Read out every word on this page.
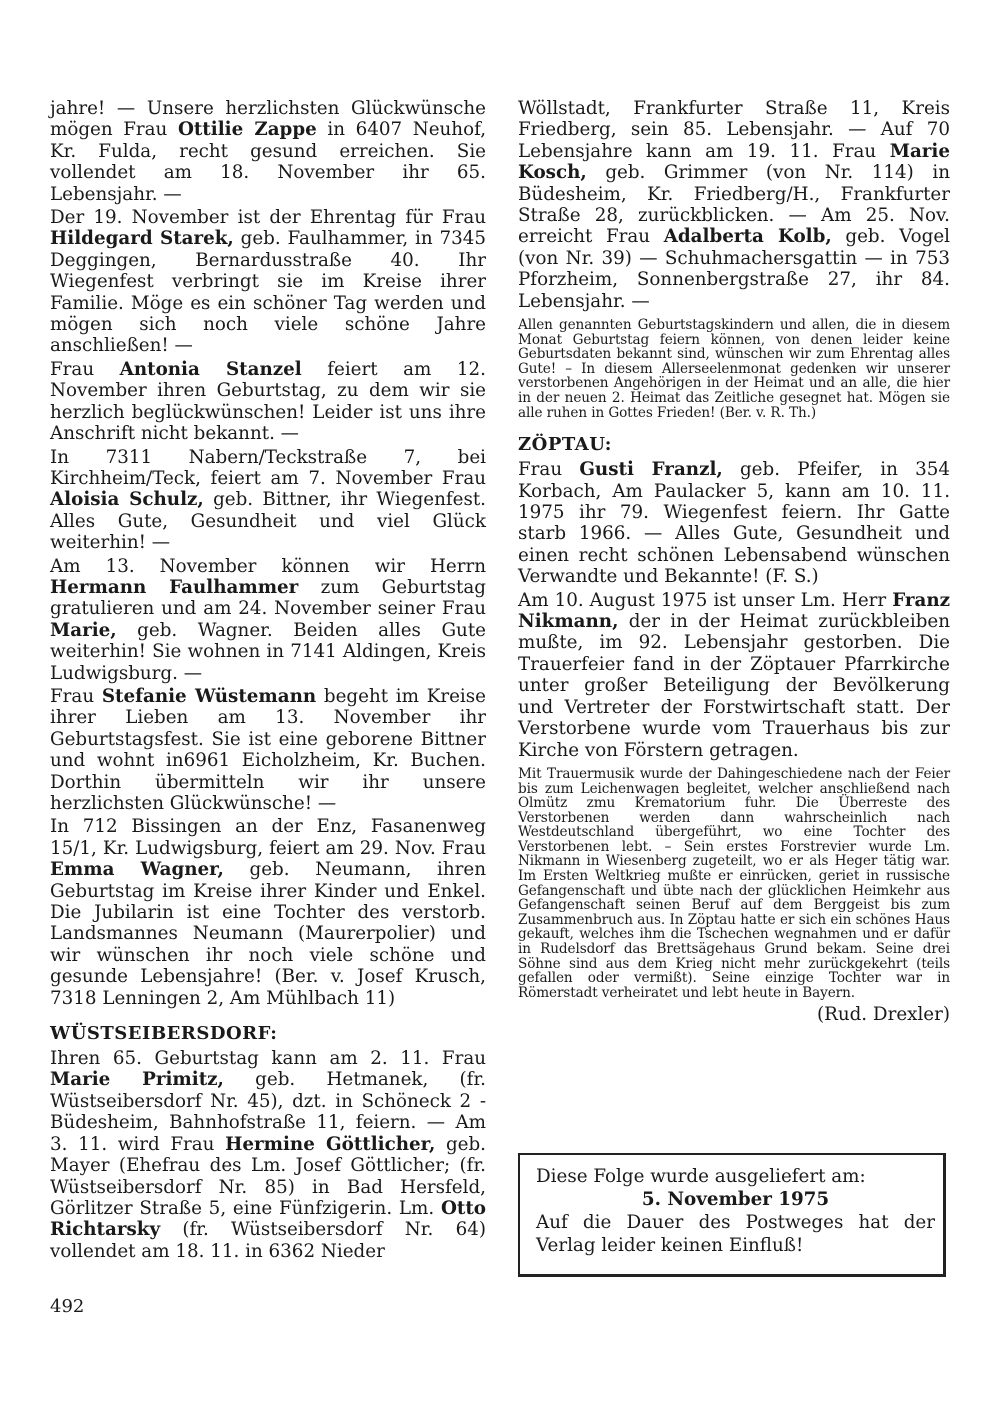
jahre! — Unsere herzlichsten Glückwünsche mögen Frau Ottilie Zappe in 6407 Neuhof, Kr. Fulda, recht gesund erreichen. Sie vollendet am 18. November ihr 65. Lebensjahr. —

Der 19. November ist der Ehrentag für Frau Hildegard Starek, geb. Faulhammer, in 7345 Deggingen, Bernardusstraße 40. Ihr Wiegenfest verbringt sie im Kreise ihrer Familie. Möge es ein schöner Tag werden und mögen sich noch viele schöne Jahre anschließen! —

Frau Antonia Stanzel feiert am 12. November ihren Geburtstag, zu dem wir sie herzlich beglückwünschen! Leider ist uns ihre Anschrift nicht bekannt. —

In 7311 Nabern/Teckstraße 7, bei Kirchheim/Teck, feiert am 7. November Frau Aloisia Schulz, geb. Bittner, ihr Wiegenfest. Alles Gute, Gesundheit und viel Glück weiterhin! —

Am 13. November können wir Herrn Hermann Faulhammer zum Geburtstag gratulieren und am 24. November seiner Frau Marie, geb. Wagner. Beiden alles Gute weiterhin! Sie wohnen in 7141 Aldingen, Kreis Ludwigsburg. —

Frau Stefanie Wüstemann begeht im Kreise ihrer Lieben am 13. November ihr Geburtstagsfest. Sie ist eine geborene Bittner und wohnt in6961 Eicholzheim, Kr. Buchen. Dorthin übermitteln wir ihr unsere herzlichsten Glückwünsche! —

In 712 Bissingen an der Enz, Fasanenweg 15/1, Kr. Ludwigsburg, feiert am 29. Nov. Frau Emma Wagner, geb. Neumann, ihren Geburtstag im Kreise ihrer Kinder und Enkel. Die Jubilarin ist eine Tochter des verstorb. Landsmannes Neumann (Maurerpolier) und wir wünschen ihr noch viele schöne und gesunde Lebensjahre! (Ber. v. Josef Krusch, 7318 Lenningen 2, Am Mühlbach 11)

WÜSTSEIBERSDORF:

Ihren 65. Geburtstag kann am 2. 11. Frau Marie Primitz, geb. Hetmanek, (fr. Wüstseibersdorf Nr. 45), dzt. in Schöneck 2 - Büdesheim, Bahnhofstraße 11, feiern. — Am 3. 11. wird Frau Hermine Göttlicher, geb. Mayer (Ehefrau des Lm. Josef Göttlicher; (fr. Wüstseibersdorf Nr. 85) in Bad Hersfeld, Görlitzer Straße 5, eine Fünfzigerin. Lm. Otto Richtarsky (fr. Wüstseibersdorf Nr. 64) vollendet am 18. 11. in 6362 Nieder

Wöllstadt, Frankfurter Straße 11, Kreis Friedberg, sein 85. Lebensjahr. — Auf 70 Lebensjahre kann am 19. 11. Frau Marie Kosch, geb. Grimmer (von Nr. 114) in Büdesheim, Kr. Friedberg/H., Frankfurter Straße 28, zurückblicken. — Am 25. Nov. erreicht Frau Adalberta Kolb, geb. Vogel (von Nr. 39) — Schuhmachersgattin — in 753 Pforzheim, Sonnenbergstraße 27, ihr 84. Lebensjahr. —

Allen genannten Geburtstagskindern und allen, die in diesem Monat Geburtstag feiern können, von denen leider keine Geburtsdaten bekannt sind, wünschen wir zum Ehrentag alles Gute! – In diesem Allerseelenmonat gedenken wir unserer verstorbenen Angehörigen in der Heimat und an alle, die hier in der neuen 2. Heimat das Zeitliche gesegnet hat. Mögen sie alle ruhen in Gottes Frieden! (Ber. v. R. Th.)

ZÖPTAU:

Frau Gusti Franzl, geb. Pfeifer, in 354 Korbach, Am Paulacker 5, kann am 10. 11. 1975 ihr 79. Wiegenfest feiern. Ihr Gatte starb 1966. — Alles Gute, Gesundheit und einen recht schönen Lebensabend wünschen Verwandte und Bekannte! (F. S.)

Am 10. August 1975 ist unser Lm. Herr Franz Nikmann, der in der Heimat zurückbleiben mußte, im 92. Lebensjahr gestorben. Die Trauerfeier fand in der Zöptauer Pfarrkirche unter großer Beteiligung der Bevölkerung und Vertreter der Forstwirtschaft statt. Der Verstorbene wurde vom Trauerhaus bis zur Kirche von Förstern getragen.

Mit Trauermusik wurde der Dahingeschiedene nach der Feier bis zum Leichenwagen begleitet, welcher anschließend nach Olmütz zmu Krematorium fuhr. Die Überreste des Verstorbenen werden dann wahrscheinlich nach Westdeutschland übergeführt, wo eine Tochter des Verstorbenen lebt. – Sein erstes Forstrevier wurde Lm. Nikmann in Wiesenberg zugeteilt, wo er als Heger tätig war. Im Ersten Weltkrieg mußte er einrücken, geriet in russische Gefangenschaft und übte nach der glücklichen Heimkehr aus Gefangenschaft seinen Beruf auf dem Berggeist bis zum Zusammenbruch aus. In Zöptau hatte er sich ein schönes Haus gekauft, welches ihm die Tschechen wegnahmen und er dafür in Rudelsdorf das Brettsägehaus Grund bekam. Seine drei Söhne sind aus dem Krieg nicht mehr zurückgekehrt (teils gefallen oder vermißt). Seine einzige Tochter war in Römerstadt verheiratet und lebt heute in Bayern.

(Rud. Drexler)

Diese Folge wurde ausgeliefert am:

5. November 1975

Auf die Dauer des Postweges hat der Verlag leider keinen Einfluß!

492
